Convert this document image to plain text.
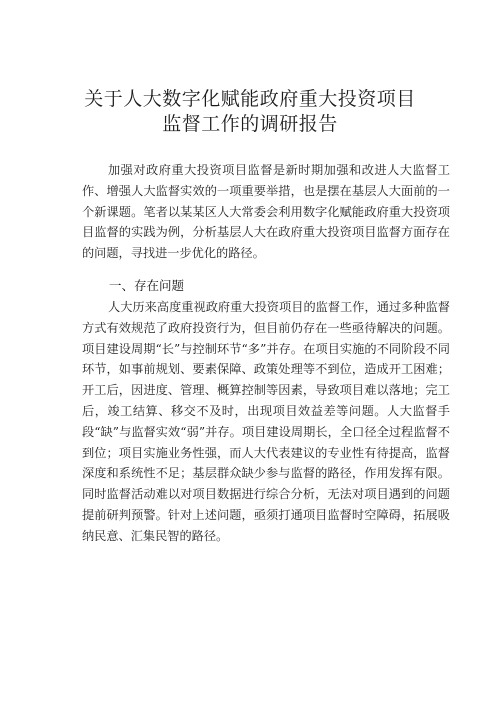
关于人大数字化赋能政府重大投资项目
监督工作的调研报告

加强对政府重大投资项目监督是新时期加强和改进人大监督工作、增强人大监督实效的一项重要举措，也是摆在基层人大面前的一个新课题。笔者以某某区人大常委会利用数字化赋能政府重大投资项目监督的实践为例，分析基层人大在政府重大投资项目监督方面存在的问题，寻找进一步优化的路径。

一、存在问题

人大历来高度重视政府重大投资项目的监督工作，通过多种监督方式有效规范了政府投资行为，但目前仍存在一些亟待解决的问题。项目建设周期“长”与控制环节“多”并存。在项目实施的不同阶段不同环节，如事前规划、要素保障、政策处理等不到位，造成开工困难；开工后，因进度、管理、概算控制等因素，导致项目难以落地；完工后，竣工结算、移交不及时，出现项目效益差等问题。人大监督手段“缺”与监督实效“弱”并存。项目建设周期长，全口径全过程监督不到位；项目实施业务性强，而人大代表建议的专业性有待提高，监督深度和系统性不足；基层群众缺少参与监督的路径，作用发挥有限。同时监督活动难以对项目数据进行综合分析，无法对项目遇到的问题提前研判预警。针对上述问题，亟须打通项目监督时空障碍，拓展吸纳民意、汇集民智的路径。
